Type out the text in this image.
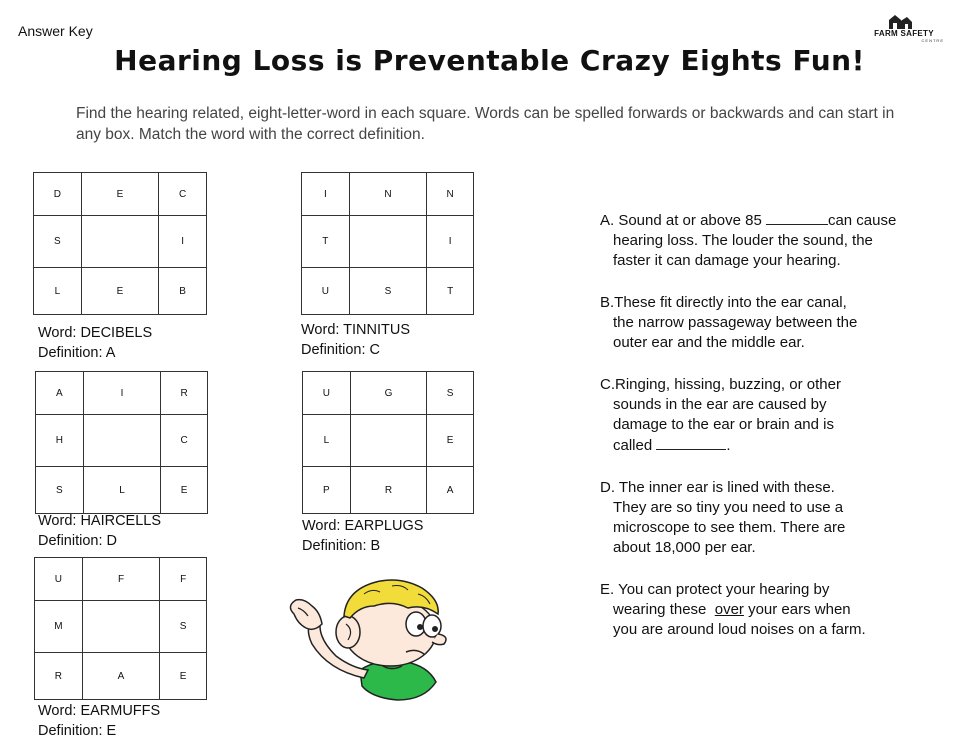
Answer Key	FARM SAFETY
CENTRE
Hearing Loss is Preventable Crazy Eights Fun!
Find the hearing related, eight-letter-word in each square. Words can be spelled forwards or backwards and can start in any box. Match the word with the correct definition.
D	E	C
S		I
L	E	B
Word: DECIBELS
Definition: A
I	N	N
T		I
U	S	T
Word: TINNITUS
Definition: C
A	I	R
H		C
S	L	E
Word: HAIRCELLS
Definition: D
U	G	S
L		E
P	R	A
Word: EARPLUGS
Definition: B
U	F	F
M		S
R	A	E
Word: EARMUFFS
Definition: E
A. Sound at or above 85	can cause
hearing loss. The louder the sound, the
faster it can damage your hearing.
B.These fit directly into the ear canal,
the narrow passageway between the
outer ear and the middle ear.
C.Ringing, hissing, buzzing, or other
sounds in the ear are caused by
damage to the ear or brain and is
called	.
D. The inner ear is lined with these.
They are so tiny you need to use a
microscope to see them. There are
about 18,000 per ear.
E. You can protect your hearing by
wearing these  over your ears when
you are around loud noises on a farm.
